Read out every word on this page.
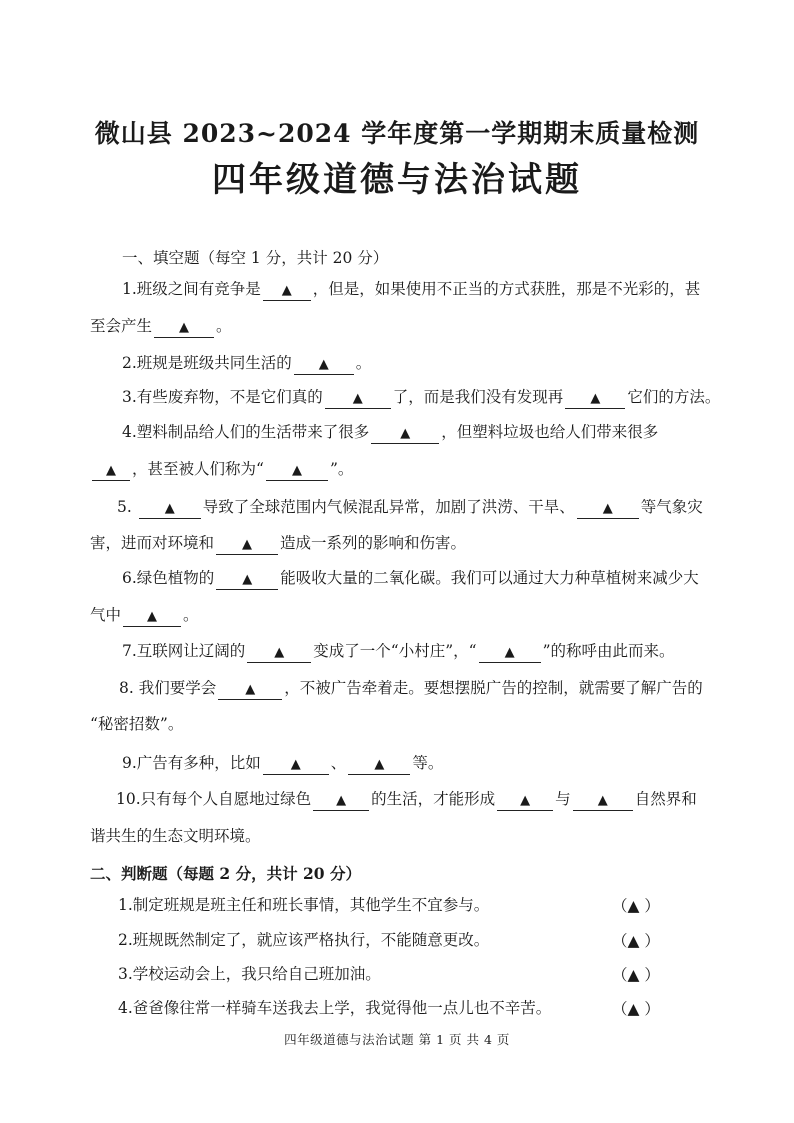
微山县 2023~2024 学年度第一学期期末质量检测
四年级道德与法治试题
一、填空题（每空 1 分，共计 20 分）
1.班级之间有竞争是 ▲ ，但是，如果使用不正当的方式获胜，那是不光彩的，甚
至会产生 ▲ 。
2.班规是班级共同生活的 ▲ 。
3.有些废弃物，不是它们真的 ▲ 了，而是我们没有发现再 ▲ 它们的方法。
4.塑料制品给人们的生活带来了很多 ▲ ，但塑料垃圾也给人们带来很多
▲ ，甚至被人们称为“ ▲ ”。
5.	▲ 导致了全球范围内气候混乱异常，加剧了洪涝、干旱、 ▲ 等气象灾
害，进而对环境和 ▲ 造成一系列的影响和伤害。
6.绿色植物的 ▲ 能吸收大量的二氧化碳。我们可以通过大力种草植树来减少大
气中 ▲ 。
7.互联网让辽阔的 ▲ 变成了一个“小村庄”，“ ▲ ”的称呼由此而来。
8. 我们要学会 ▲ ，不被广告牵着走。要想摆脱广告的控制，就需要了解广告的
“秘密招数”。
9.广告有多种，比如 ▲ 、 ▲ 等。
10.只有每个人自愿地过绿色 ▲ 的生活，才能形成 ▲ 与 ▲ 自然界和
谐共生的生态文明环境。
二、判断题（每题 2 分，共计 20 分）
1.制定班规是班主任和班长事情，其他学生不宜参与。	（▲ ）
2.班规既然制定了，就应该严格执行，不能随意更改。	（▲ ）
3.学校运动会上，我只给自己班加油。	（▲ ）
4.爸爸像往常一样骑车送我去上学，我觉得他一点儿也不辛苦。	（▲ ）
四年级道德与法治试题 第 1 页 共 4 页
